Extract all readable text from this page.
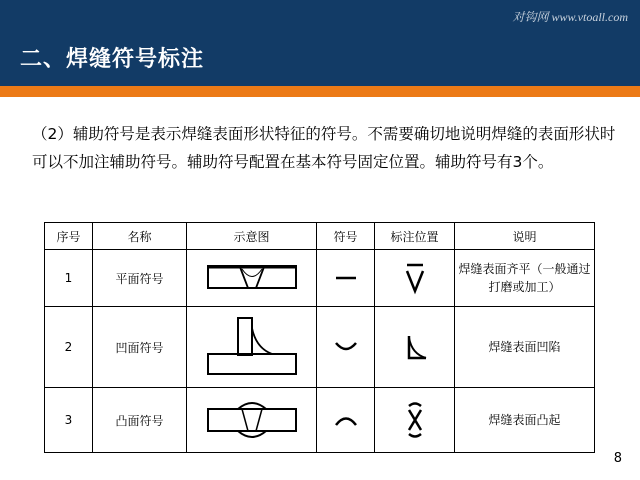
对钩网 www.vtoall.com
二、焊缝符号标注
（2）辅助符号是表示焊缝表面形状特征的符号。不需要确切地说明焊缝的表面形状时可以不加注辅助符号。辅助符号配置在基本符号固定位置。辅助符号有3个。
序号	名称	示意图	符号	标注位置	说明
1	平面符号				焊缝表面齐平（一般通过打磨或加工）
2	凹面符号				焊缝表面凹陷
3	凸面符号				焊缝表面凸起
8
